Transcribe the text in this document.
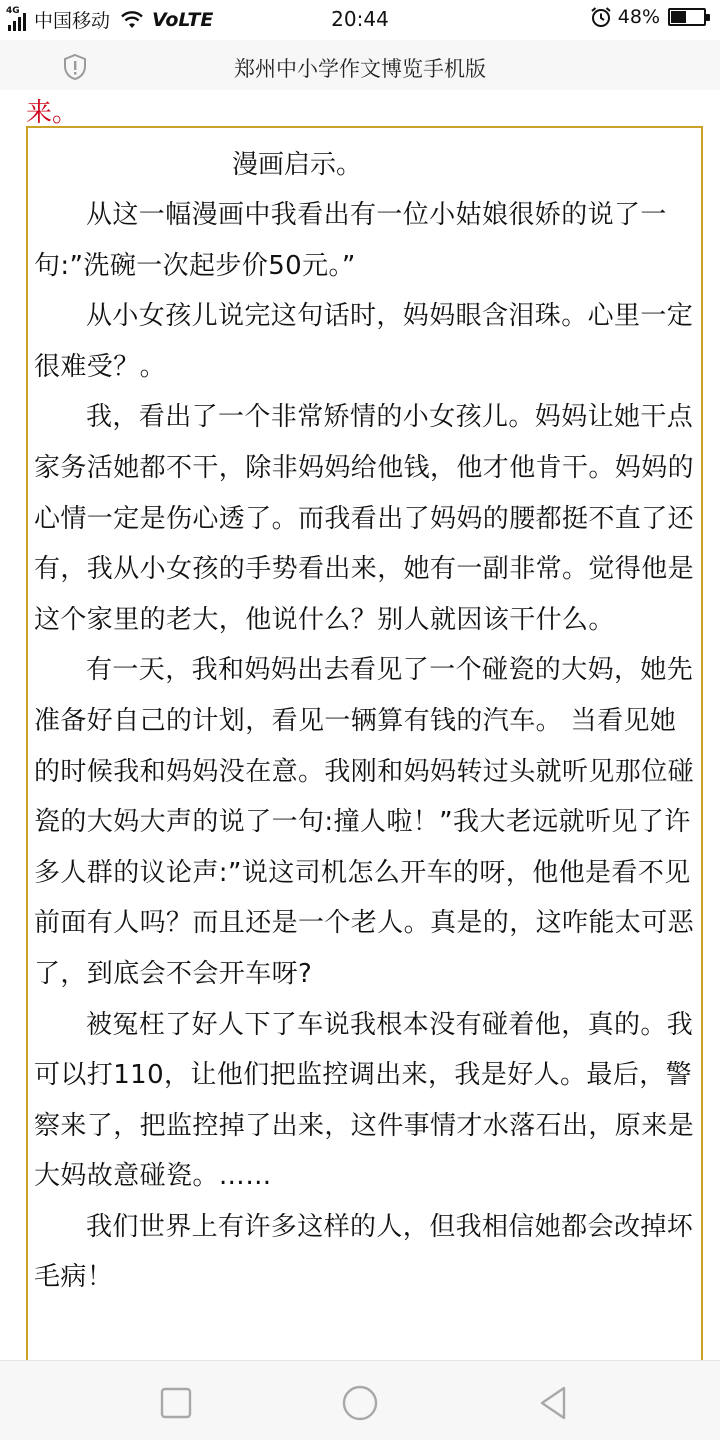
4G 中国移动 VoLTE	20:44	48%
郑州中小学作文博览手机版
来。
漫画启示。

从这一幅漫画中我看出有一位小姑娘很娇的说了一句:”洗碗一次起步价50元。”

从小女孩儿说完这句话时，妈妈眼含泪珠。心里一定很难受？。

我，看出了一个非常矫情的小女孩儿。妈妈让她干点家务活她都不干，除非妈妈给他钱，他才他肯干。妈妈的心情一定是伤心透了。而我看出了妈妈的腰都挺不直了还有，我从小女孩的手势看出来，她有一副非常。觉得他是这个家里的老大，他说什么？别人就因该干什么。

有一天，我和妈妈出去看见了一个碰瓷的大妈，她先准备好自己的计划，看见一辆算有钱的汽车。 当看见她的时候我和妈妈没在意。我刚和妈妈转过头就听见那位碰瓷的大妈大声的说了一句:撞人啦！”我大老远就听见了许多人群的议论声:”说这司机怎么开车的呀，他他是看不见前面有人吗？而且还是一个老人。真是的，这咋能太可恶了，到底会不会开车呀?

被冤枉了好人下了车说我根本没有碰着他，真的。我可以打110，让他们把监控调出来，我是好人。最后，警察来了，把监控掉了出来，这件事情才水落石出，原来是大妈故意碰瓷。……

我们世界上有许多这样的人，但我相信她都会改掉坏毛病！
